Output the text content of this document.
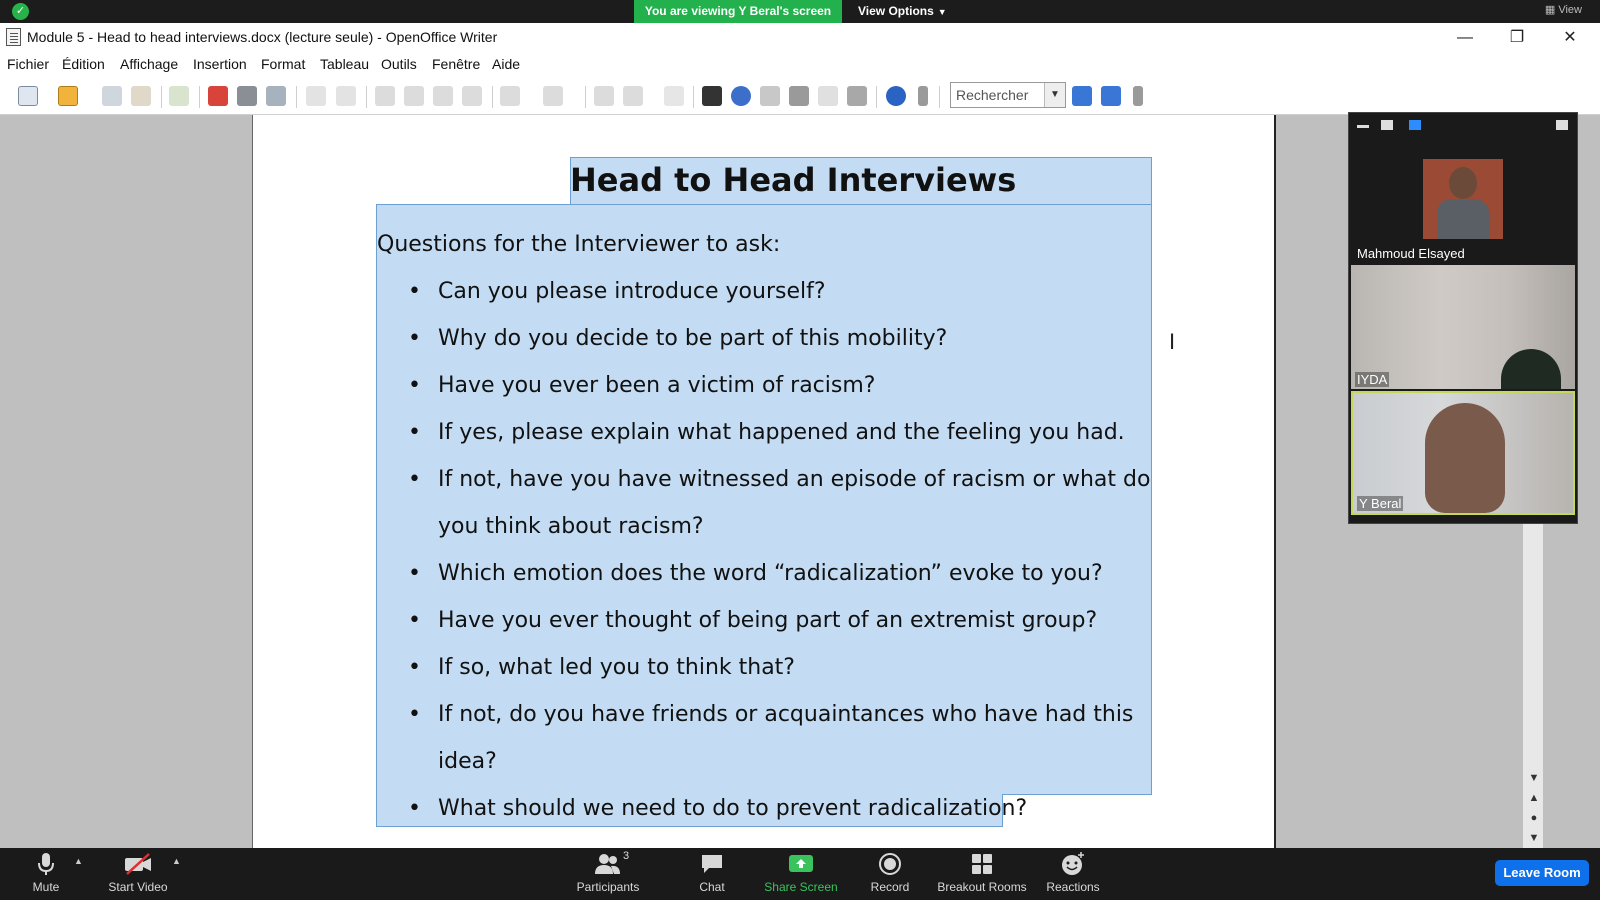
✓	You are viewing Y Beral's screen	View Options ▼	▦ View
Module 5 - Head to head interviews.docx (lecture seule) - OpenOffice Writer	—	❐	✕
Fichier Édition Affichage Insertion Format Tableau Outils Fenêtre Aide
Rechercher	▼
Head to Head Interviews
Questions for the Interviewer to ask:
• Can you please introduce yourself?
• Why do you decide to be part of this mobility?
• Have you ever been a victim of racism?
• If yes, please explain what happened and the feeling you had.
• If not, have you have witnessed an episode of racism or what do
you think about racism?
• Which emotion does the word “radicalization” evoke to you?
• Have you ever thought of being part of an extremist group?
• If so, what led you to think that?
• If not, do you have friends or acquaintances who have had this
idea?
• What should we need to do to prevent radicalization?
I
▼
▲
●
▼
Mahmoud Elsayed
IYDA
Y Beral
Mute
▲
Start Video
▲	3
Participants	Chat	Share Screen	Record	Breakout Rooms	Reactions
Leave Room
